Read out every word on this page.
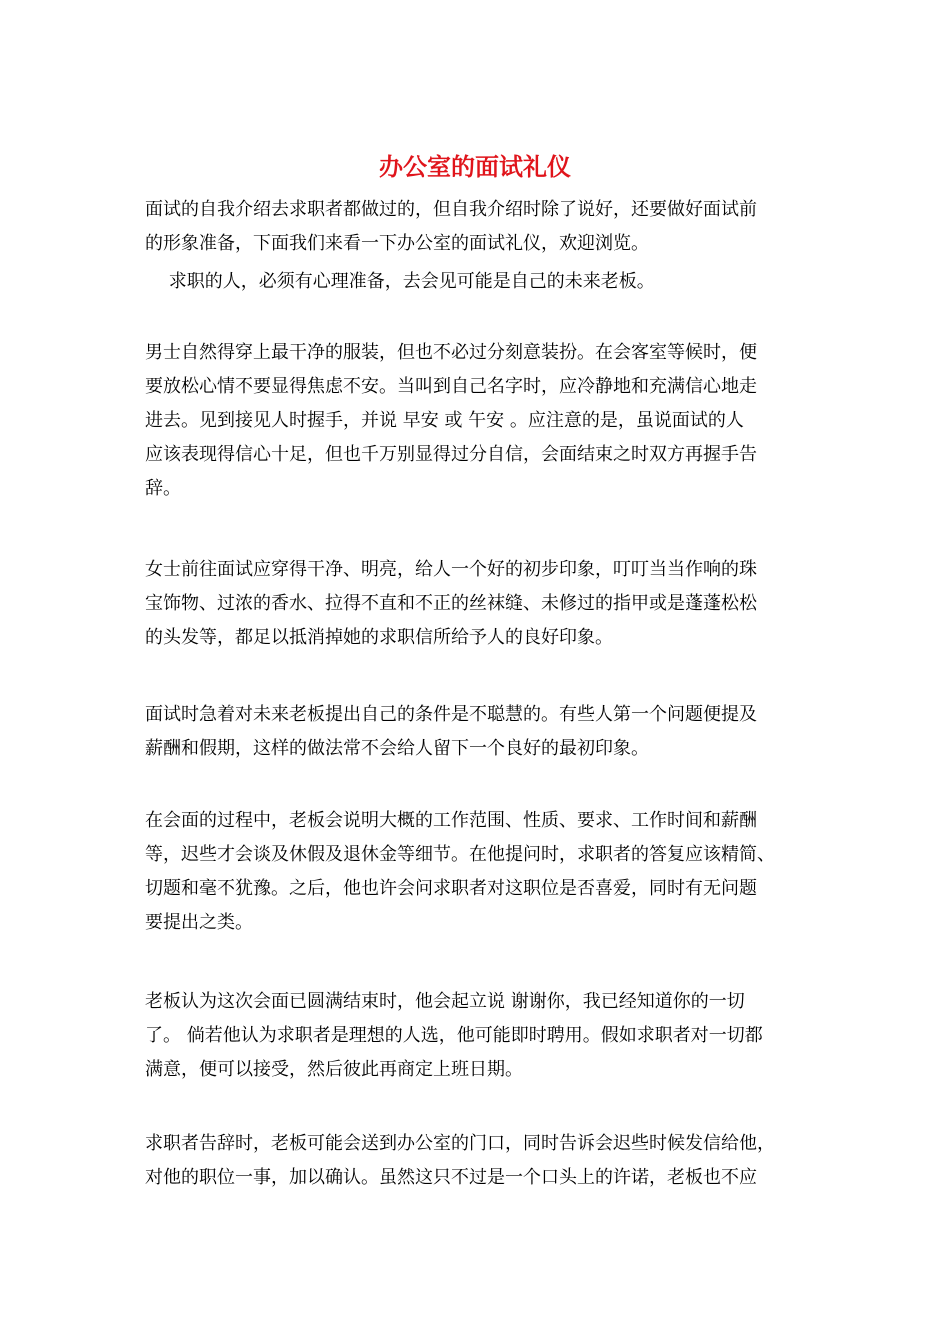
办公室的面试礼仪
面试的自我介绍去求职者都做过的，但自我介绍时除了说好，还要做好面试前
的形象准备，下面我们来看一下办公室的面试礼仪，欢迎浏览。
　 求职的人，必须有心理准备，去会见可能是自己的未来老板。
男士自然得穿上最干净的服装，但也不必过分刻意装扮。在会客室等候时，便
要放松心情不要显得焦虑不安。当叫到自己名字时，应冷静地和充满信心地走
进去。见到接见人时握手，并说 早安 或 午安 。应注意的是，虽说面试的人
应该表现得信心十足，但也千万别显得过分自信，会面结束之时双方再握手告
辞。
女士前往面试应穿得干净、明亮，给人一个好的初步印象，叮叮当当作响的珠
宝饰物、过浓的香水、拉得不直和不正的丝袜缝、未修过的指甲或是蓬蓬松松
的头发等，都足以抵消掉她的求职信所给予人的良好印象。
面试时急着对未来老板提出自己的条件是不聪慧的。有些人第一个问题便提及
薪酬和假期，这样的做法常不会给人留下一个良好的最初印象。
在会面的过程中，老板会说明大概的工作范围、性质、要求、工作时间和薪酬
等，迟些才会谈及休假及退休金等细节。在他提问时，求职者的答复应该精简、
切题和毫不犹豫。之后，他也许会问求职者对这职位是否喜爱，同时有无问题
要提出之类。
老板认为这次会面已圆满结束时，他会起立说 谢谢你，我已经知道你的一切
了。 倘若他认为求职者是理想的人选，他可能即时聘用。假如求职者对一切都
满意，便可以接受，然后彼此再商定上班日期。
求职者告辞时，老板可能会送到办公室的门口，同时告诉会迟些时候发信给他，
对他的职位一事，加以确认。虽然这只不过是一个口头上的许诺，老板也不应
